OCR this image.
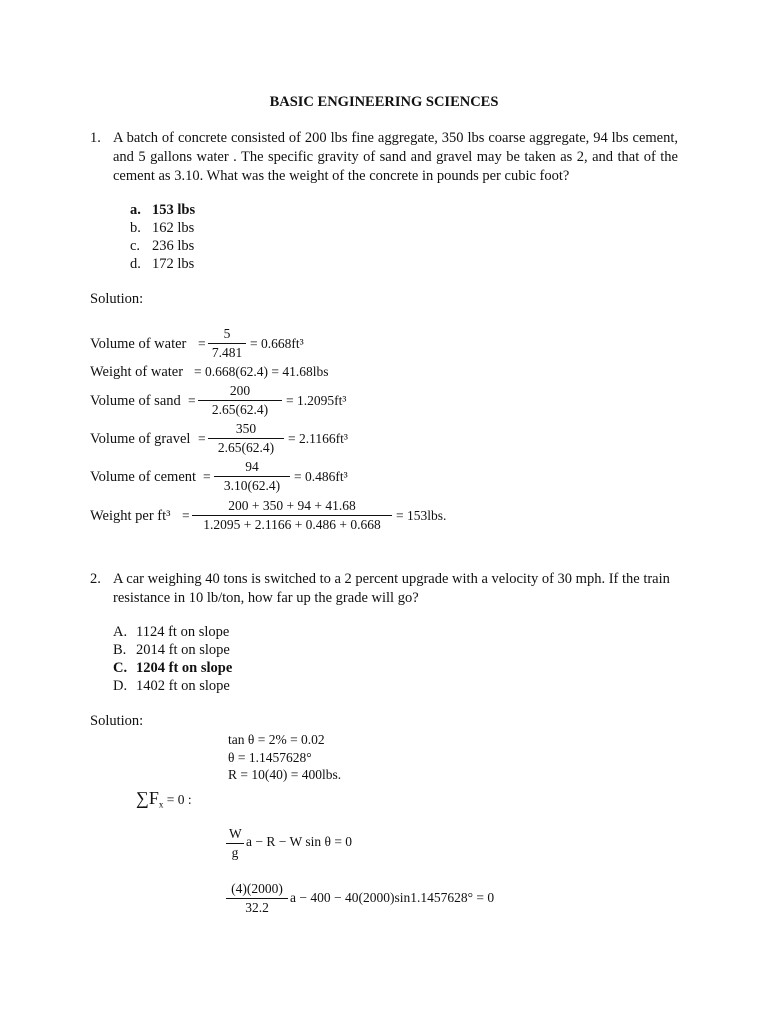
BASIC ENGINEERING SCIENCES
1. A batch of concrete consisted of 200 lbs fine aggregate, 350 lbs coarse aggregate, 94 lbs cement, and 5 gallons water . The specific gravity of sand and gravel may be taken as 2, and that of the cement as 3.10. What was the weight of the concrete in pounds per cubic foot?
a. 153 lbs
b. 162 lbs
c. 236 lbs
d. 172 lbs
Solution:
Volume of water = $\frac{5}{7.481} = 0.668ft^3$
Weight of water = 0.668(62.4) = 41.68lbs
Volume of sand = $\frac{200}{2.65(62.4)} = 1.2095ft^3$
Volume of gravel = $\frac{350}{2.65(62.4)} = 2.1166ft^3$
Volume of cement = $\frac{94}{3.10(62.4)} = 0.486ft^3$
Weight per $ft^3 = \frac{200 + 350 + 94 + 41.68}{1.2095 + 2.1166 + 0.486 + 0.668} = 153lbs$.
2. A car weighing 40 tons is switched to a 2 percent upgrade with a velocity of 30 mph. If the train resistance in 10 lb/ton, how far up the grade will go?
A. 1124 ft on slope
B. 2014 ft on slope
C. 1204 ft on slope
D. 1402 ft on slope
Solution:
tan θ = 2% = 0.02
θ = 1.1457628°
R = 10(40) = 400lbs.
$\sum F_x = 0$ :
$\frac{W}{g}$ a − R − W sin θ = 0
$\frac{(4)(2000)}{32.2}$ a − 400 − 40(2000)sin1.1457628° = 0
